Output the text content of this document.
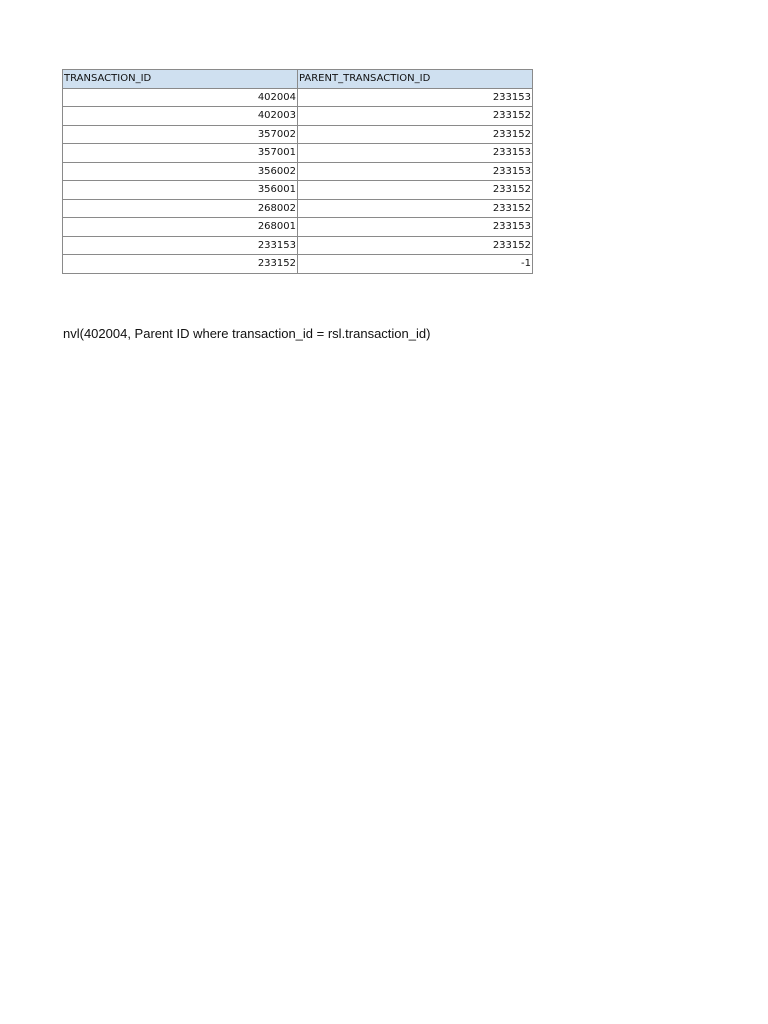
TRANSACTION_ID	PARENT_TRANSACTION_ID
402004	233153
402003	233152
357002	233152
357001	233153
356002	233153
356001	233152
268002	233152
268001	233153
233153	233152
233152	-1
nvl(402004, Parent ID where transaction_id = rsl.transaction_id)
